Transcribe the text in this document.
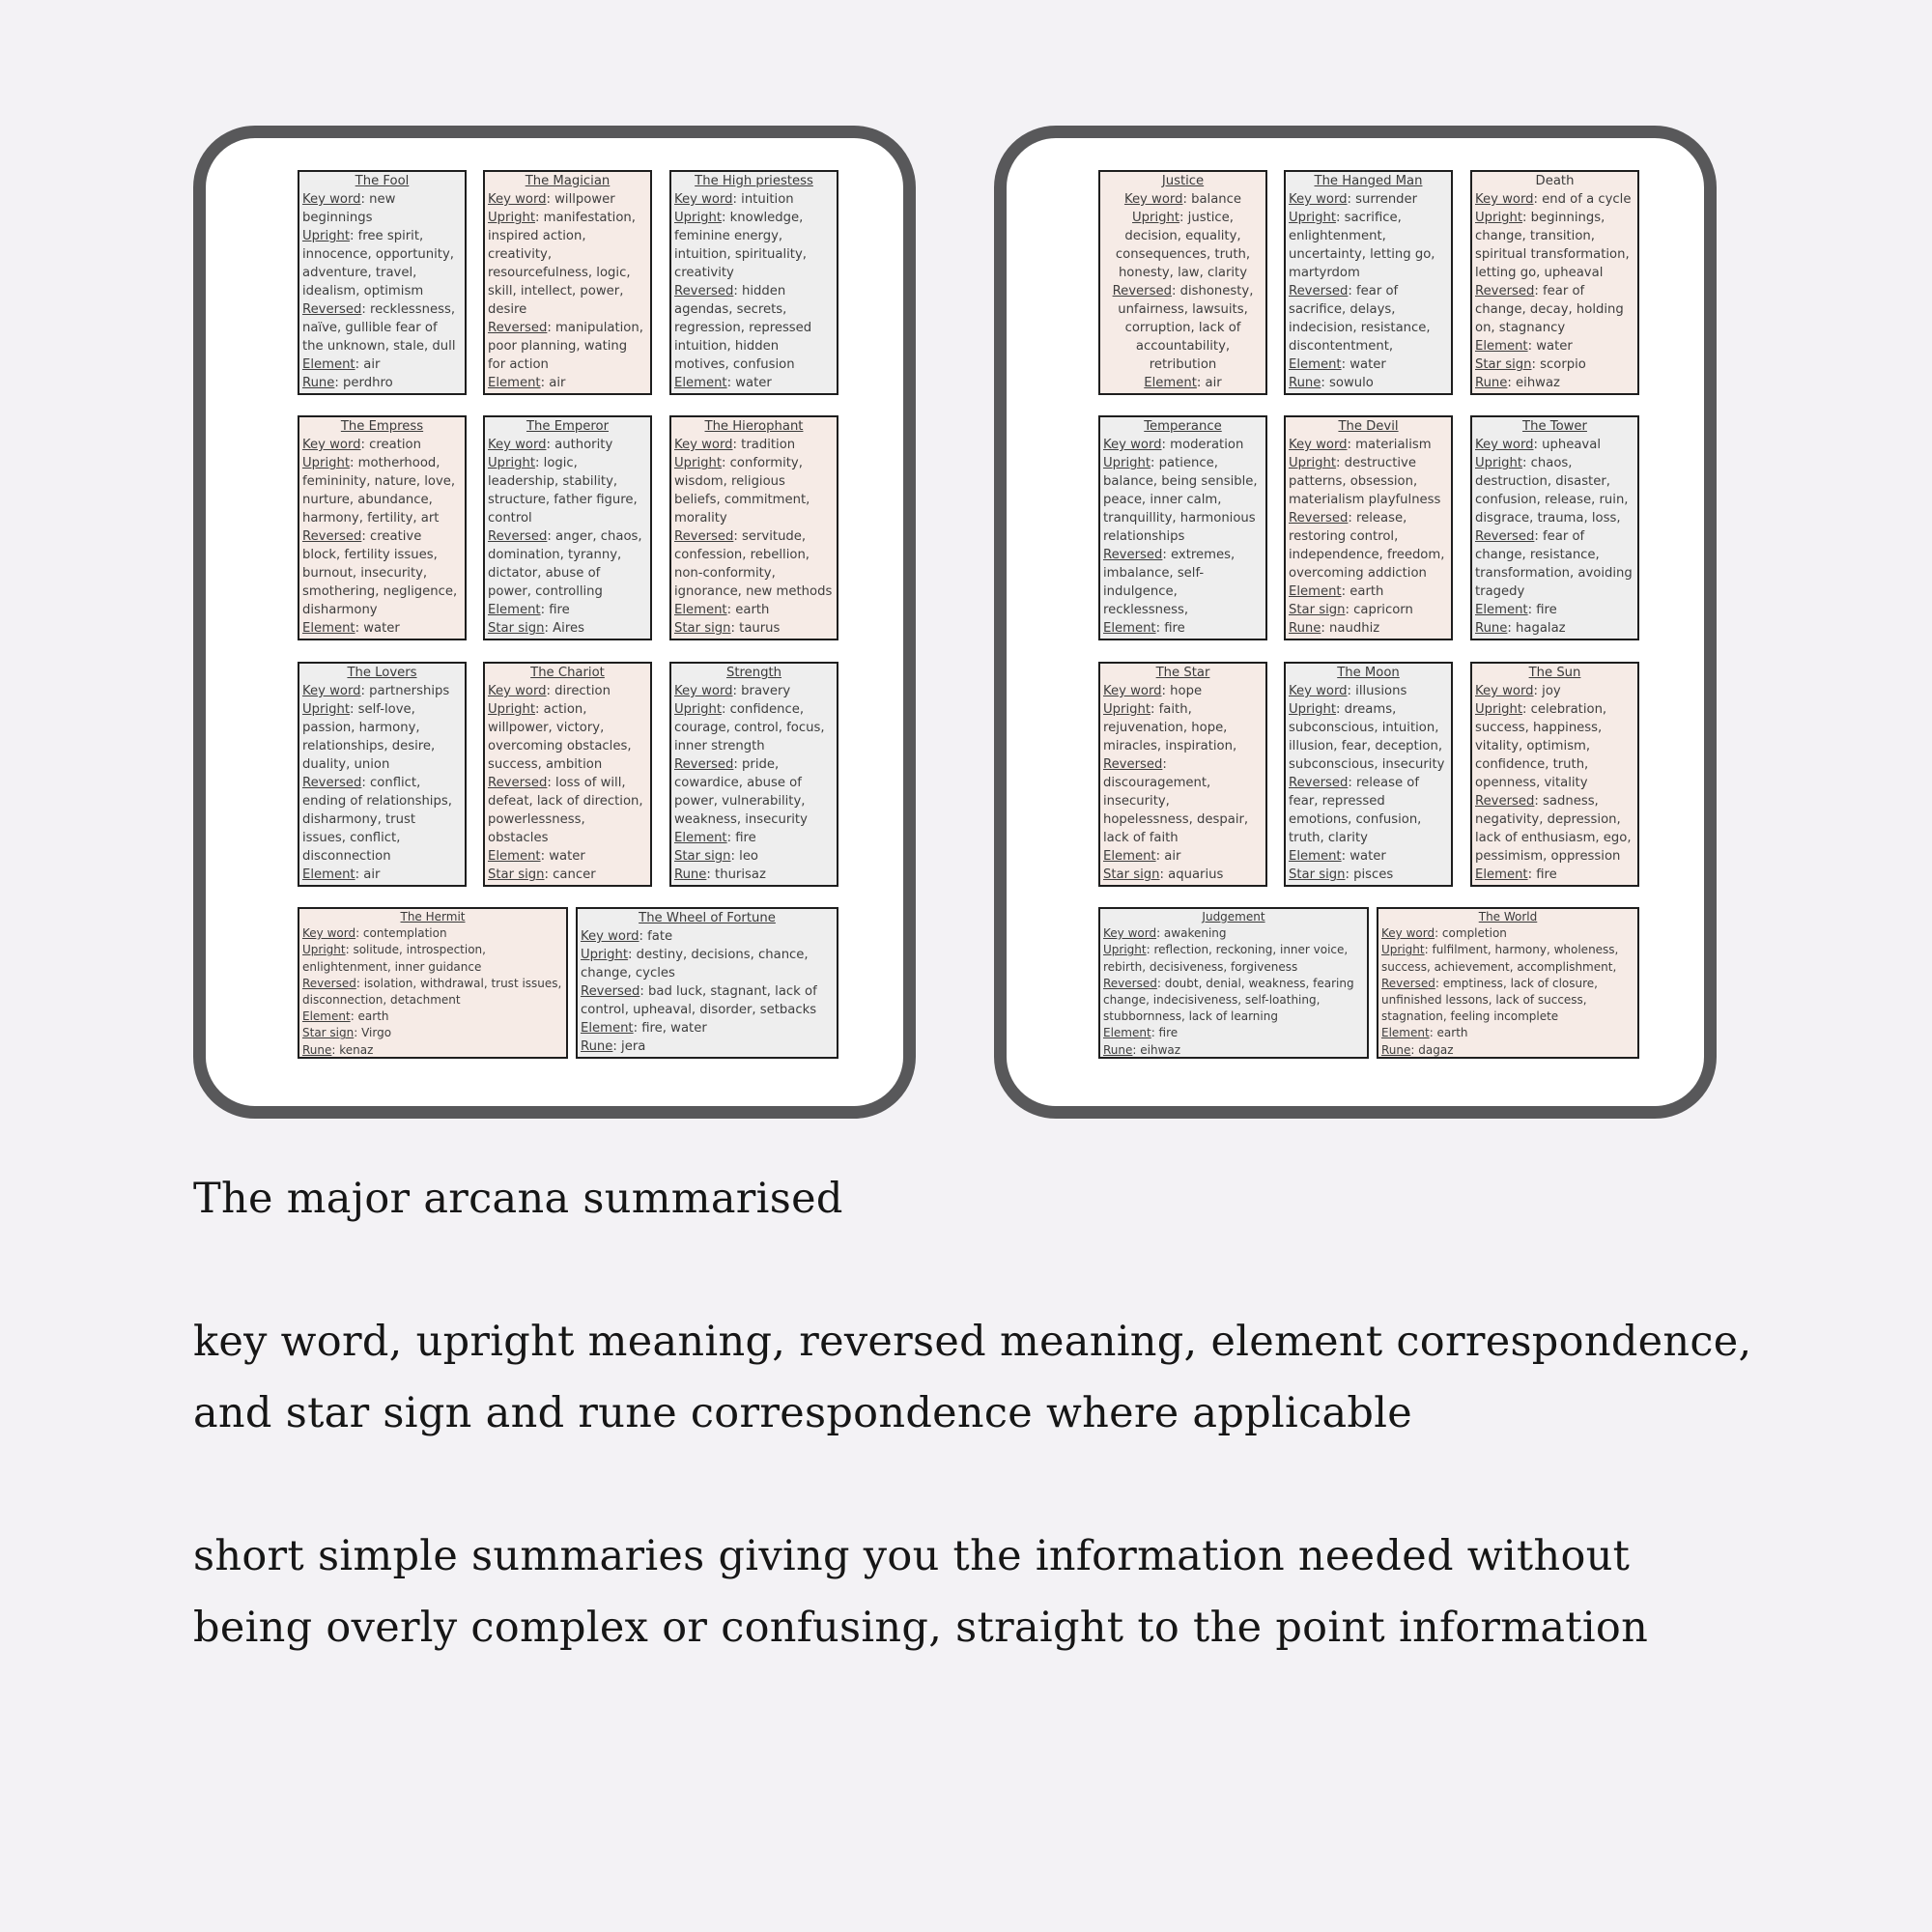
The Fool
Key word: new beginnings
Upright: free spirit, innocence, opportunity, adventure, travel, idealism, optimism
Reversed: recklessness, naïve, gullible fear of the unknown, stale, dull
Element: air
Rune: perdhro
The Magician
Key word: willpower
Upright: manifestation, inspired action, creativity, resourcefulness, logic, skill, intellect, power, desire
Reversed: manipulation, poor planning, wating for action
Element: air
The High priestess
Key word: intuition
Upright: knowledge, feminine energy, intuition, spirituality, creativity
Reversed: hidden agendas, secrets, regression, repressed intuition, hidden motives, confusion
Element: water
The Empress
Key word: creation
Upright: motherhood, femininity, nature, love, nurture, abundance, harmony, fertility, art
Reversed: creative block, fertility issues, burnout, insecurity, smothering, negligence, disharmony
Element: water
The Emperor
Key word: authority
Upright: logic, leadership, stability, structure, father figure, control
Reversed: anger, chaos, domination, tyranny, dictator, abuse of power, controlling
Element: fire
Star sign: Aires
The Hierophant
Key word: tradition
Upright: conformity, wisdom, religious beliefs, commitment, morality
Reversed: servitude, confession, rebellion, non-conformity, ignorance, new methods
Element: earth
Star sign: taurus
The Lovers
Key word: partnerships
Upright: self-love, passion, harmony, relationships, desire, duality, union
Reversed: conflict, ending of relationships, disharmony, trust issues, conflict, disconnection
Element: air
The Chariot
Key word: direction
Upright: action, willpower, victory, overcoming obstacles, success, ambition
Reversed: loss of will, defeat, lack of direction, powerlessness, obstacles
Element: water
Star sign: cancer
Strength
Key word: bravery
Upright: confidence, courage, control, focus, inner strength
Reversed: pride, cowardice, abuse of power, vulnerability, weakness, insecurity
Element: fire
Star sign: leo
Rune: thurisaz
The Hermit
Key word: contemplation
Upright: solitude, introspection, enlightenment, inner guidance
Reversed: isolation, withdrawal, trust issues, disconnection, detachment
Element: earth
Star sign: Virgo
Rune: kenaz
The Wheel of Fortune
Key word: fate
Upright: destiny, decisions, chance, change, cycles
Reversed: bad luck, stagnant, lack of control, upheaval, disorder, setbacks
Element: fire, water
Rune: jera
Justice
Key word: balance
Upright: justice, decision, equality, consequences, truth, honesty, law, clarity
Reversed: dishonesty, unfairness, lawsuits, corruption, lack of accountability, retribution
Element: air
The Hanged Man
Key word: surrender
Upright: sacrifice, enlightenment, uncertainty, letting go, martyrdom
Reversed: fear of sacrifice, delays, indecision, resistance, discontentment,
Element: water
Rune: sowulo
Death
Key word: end of a cycle
Upright: beginnings, change, transition, spiritual transformation, letting go, upheaval
Reversed: fear of change, decay, holding on, stagnancy
Element: water
Star sign: scorpio
Rune: eihwaz
Temperance
Key word: moderation
Upright: patience, balance, being sensible, peace, inner calm, tranquillity, harmonious relationships
Reversed: extremes, imbalance, self-indulgence, recklessness,
Element: fire
The Devil
Key word: materialism
Upright: destructive patterns, obsession, materialism playfulness
Reversed: release, restoring control, independence, freedom, overcoming addiction
Element: earth
Star sign: capricorn
Rune: naudhiz
The Tower
Key word: upheaval
Upright: chaos, destruction, disaster, confusion, release, ruin, disgrace, trauma, loss,
Reversed: fear of change, resistance, transformation, avoiding tragedy
Element: fire
Rune: hagalaz
The Star
Key word: hope
Upright: faith, rejuvenation, hope, miracles, inspiration,
Reversed: discouragement, insecurity, hopelessness, despair, lack of faith
Element: air
Star sign: aquarius
The Moon
Key word: illusions
Upright: dreams, subconscious, intuition, illusion, fear, deception, subconscious, insecurity
Reversed: release of fear, repressed emotions, confusion, truth, clarity
Element: water
Star sign: pisces
The Sun
Key word: joy
Upright: celebration, success, happiness, vitality, optimism, confidence, truth, openness, vitality
Reversed: sadness, negativity, depression, lack of enthusiasm, ego, pessimism, oppression
Element: fire
Judgement
Key word: awakening
Upright: reflection, reckoning, inner voice, rebirth, decisiveness, forgiveness
Reversed: doubt, denial, weakness, fearing change, indecisiveness, self-loathing, stubbornness, lack of learning
Element: fire
Rune: eihwaz
The World
Key word: completion
Upright: fulfilment, harmony, wholeness, success, achievement, accomplishment,
Reversed: emptiness, lack of closure, unfinished lessons, lack of success, stagnation, feeling incomplete
Element: earth
Rune: dagaz

The major arcana summarised

key word, upright meaning, reversed meaning, element correspondence, and star sign and rune correspondence where applicable

short simple summaries giving you the information needed without being overly complex or confusing, straight to the point information
